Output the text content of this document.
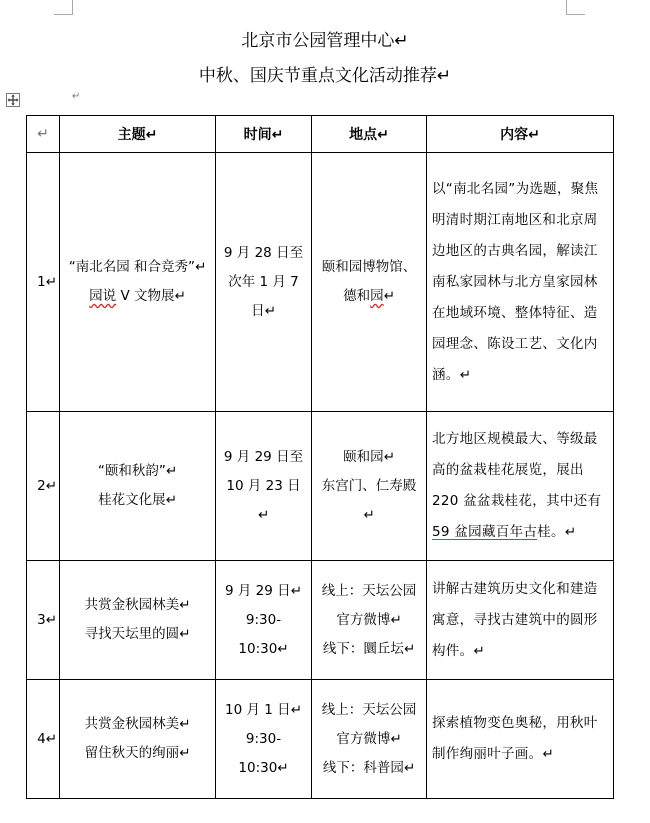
北京市公园管理中心↵
中秋、国庆节重点文化活动推荐↵
↵
↵	主题↵	时间↵	地点↵	内容↵
1↵	“南北名园 和合竞秀”↵
园说 V 文物展↵	9 月 28 日至
次年 1 月 7 日↵	颐和园博物馆、
德和园↵	以“南北名园”为选题，聚焦明清时期江南地区和北京周边地区的古典名园，解读江南私家园林与北方皇家园林在地域环境、整体特征、造园理念、陈设工艺、文化内涵。↵
2↵	“颐和秋韵”↵
桂花文化展↵	9 月 29 日至
10 月 23 日↵	颐和园↵
东宫门、仁寿殿↵	北方地区规模最大、等级最高的盆栽桂花展览，展出 220 盆盆栽桂花，其中还有59 盆园藏百年古桂。↵
3↵	共赏金秋园林美↵
寻找天坛里的圆↵	9 月 29 日↵
9:30-10:30↵	线上：天坛公园
官方微博↵
线下：圜丘坛↵	讲解古建筑历史文化和建造寓意，寻找古建筑中的圆形构件。↵
4↵	共赏金秋园林美↵
留住秋天的绚丽↵	10 月 1 日↵
9:30-10:30↵	线上：天坛公园
官方微博↵
线下：科普园↵	探索植物变色奥秘，用秋叶制作绚丽叶子画。↵
